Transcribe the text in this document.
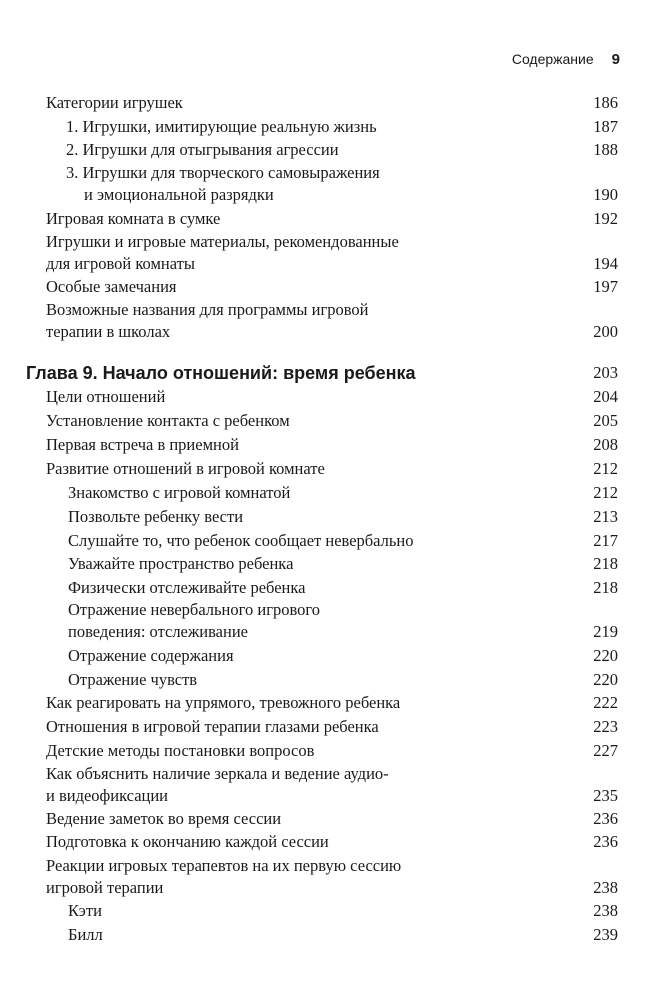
Содержание 9
Категории игрушек	186
1. Игрушки, имитирующие реальную жизнь	187
2. Игрушки для отыгрывания агрессии	188
3. Игрушки для творческого самовыражения
и эмоциональной разрядки	190
Игровая комната в сумке	192
Игрушки и игровые материалы, рекомендованные
для игровой комнаты	194
Особые замечания	197
Возможные названия для программы игровой
терапии в школах	200
Глава 9. Начало отношений: время ребенка	203
Цели отношений	204
Установление контакта с ребенком	205
Первая встреча в приемной	208
Развитие отношений в игровой комнате	212
Знакомство с игровой комнатой	212
Позвольте ребенку вести	213
Слушайте то, что ребенок сообщает невербально	217
Уважайте пространство ребенка	218
Физически отслеживайте ребенка	218
Отражение невербального игрового
поведения: отслеживание	219
Отражение содержания	220
Отражение чувств	220
Как реагировать на упрямого, тревожного ребенка	222
Отношения в игровой терапии глазами ребенка	223
Детские методы постановки вопросов	227
Как объяснить наличие зеркала и ведение аудио-
и видеофиксации	235
Ведение заметок во время сессии	236
Подготовка к окончанию каждой сессии	236
Реакции игровых терапевтов на их первую сессию
игровой терапии	238
Кэти	238
Билл	239
